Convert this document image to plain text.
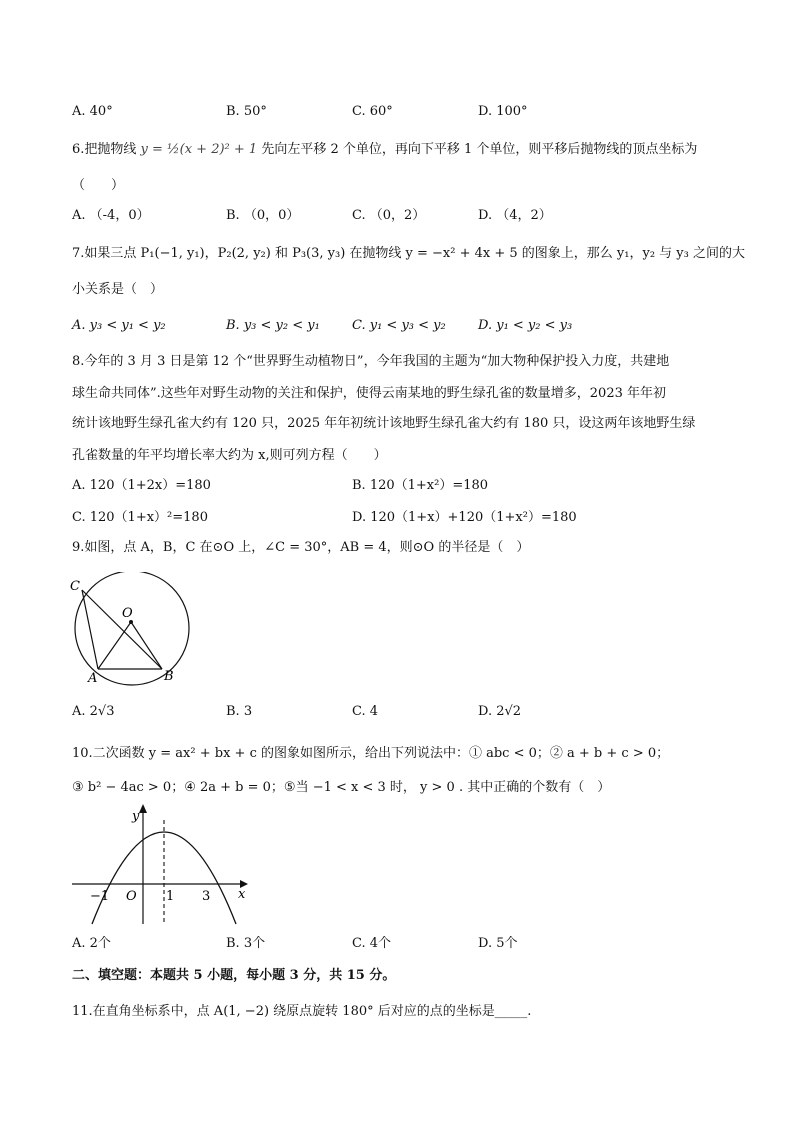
A. 40°	B. 50°	C. 60°	D. 100°
6.把抛物线 y = ½(x + 2)² + 1 先向左平移 2 个单位，再向下平移 1 个单位，则平移后抛物线的顶点坐标为
（　　）
A. （-4，0）	B. （0，0）	C. （0，2）	D. （4，2）
7.如果三点 P₁(−1, y₁)，P₂(2, y₂) 和 P₃(3, y₃) 在抛物线 y = −x² + 4x + 5 的图象上，那么 y₁，y₂ 与 y₃ 之间的大
小关系是（　）
A. y₃ < y₁ < y₂	B. y₃ < y₂ < y₁ C. y₁ < y₃ < y₂ D. y₁ < y₂ < y₃
8.今年的 3 月 3 日是第 12 个“世界野生动植物日”，今年我国的主题为“加大物种保护投入力度，共建地
球生命共同体”.这些年对野生动物的关注和保护，使得云南某地的野生绿孔雀的数量增多，2023 年年初
统计该地野生绿孔雀大约有 120 只，2025 年年初统计该地野生绿孔雀大约有 180 只，设这两年该地野生绿
孔雀数量的年平均增长率大约为 x,则可列方程（　　）
A. 120（1+2x）=180	B. 120（1+x²）=180
C. 120（1+x）²=180	D. 120（1+x）+120（1+x²）=180
9.如图，点 A，B，C 在⊙O 上，∠C = 30°，AB = 4，则⊙O 的半径是（　）
C
O
A	B
A. 2√3	B. 3	C. 4	D. 2√2
10.二次函数 y = ax² + bx + c 的图象如图所示，给出下列说法中：① abc < 0；② a + b + c > 0；
③ b² − 4ac > 0；④ 2a + b = 0；⑤当 −1 < x < 3 时， y > 0 . 其中正确的个数有（　）
y
x
O
−1	1 3
A. 2个	B. 3个	C. 4个	D. 5个
二、填空题：本题共 5 小题，每小题 3 分，共 15 分。
11.在直角坐标系中，点 A(1, −2) 绕原点旋转 180° 后对应的点的坐标是_____.
